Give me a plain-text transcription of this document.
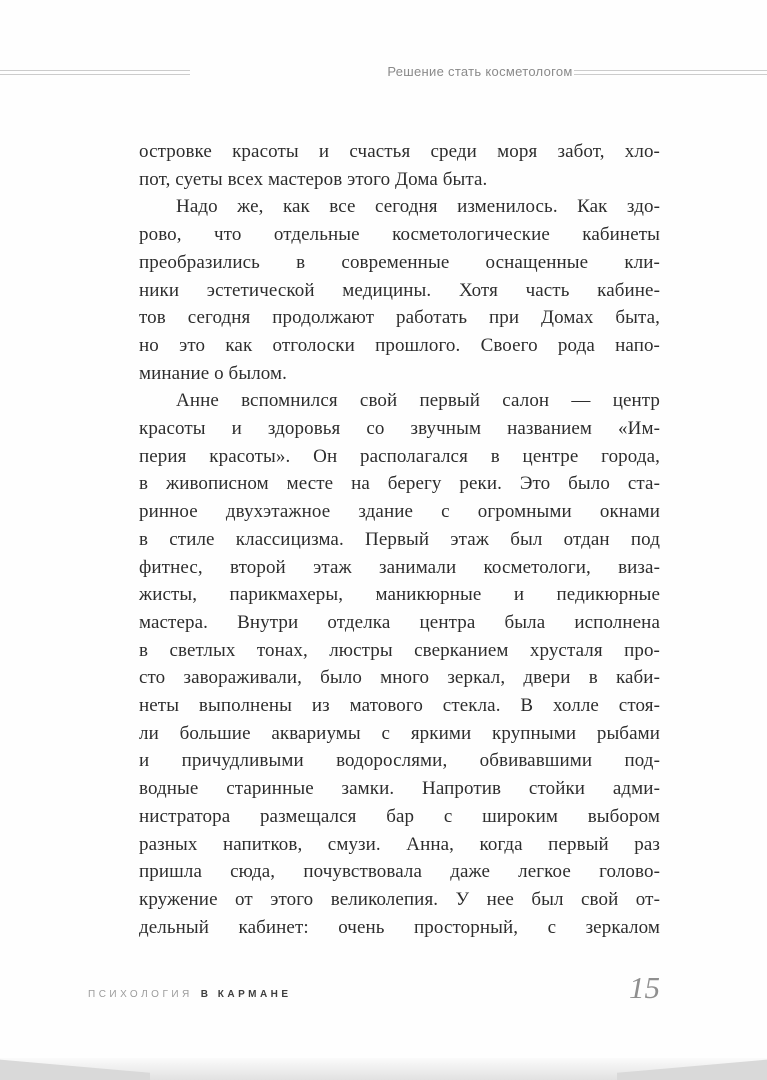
Решение стать косметологом
островке красоты и счастья среди моря забот, хло-
пот, суеты всех мастеров этого Дома быта.
Надо же, как все сегодня изменилось. Как здо-
рово, что отдельные косметологические кабинеты
преобразились в современные оснащенные кли-
ники эстетической медицины. Хотя часть кабине-
тов сегодня продолжают работать при Домах быта,
но это как отголоски прошлого. Своего рода напо-
минание о былом.
Анне вспомнился свой первый салон — центр
красоты и здоровья со звучным названием «Им-
перия красоты». Он располагался в центре города,
в живописном месте на берегу реки. Это было ста-
ринное двухэтажное здание с огромными окнами
в стиле классицизма. Первый этаж был отдан под
фитнес, второй этаж занимали косметологи, виза-
жисты, парикмахеры, маникюрные и педикюрные
мастера. Внутри отделка центра была исполнена
в светлых тонах, люстры сверканием хрусталя про-
сто завораживали, было много зеркал, двери в каби-
неты выполнены из матового стекла. В холле стоя-
ли большие аквариумы с яркими крупными рыбами
и причудливыми водорослями, обвивавшими под-
водные старинные замки. Напротив стойки адми-
нистратора размещался бар с широким выбором
разных напитков, смузи. Анна, когда первый раз
пришла сюда, почувствовала даже легкое голово-
кружение от этого великолепия. У нее был свой от-
дельный кабинет: очень просторный, с зеркалом
ПСИХОЛОГИЯ В КАРМАНЕ	15
